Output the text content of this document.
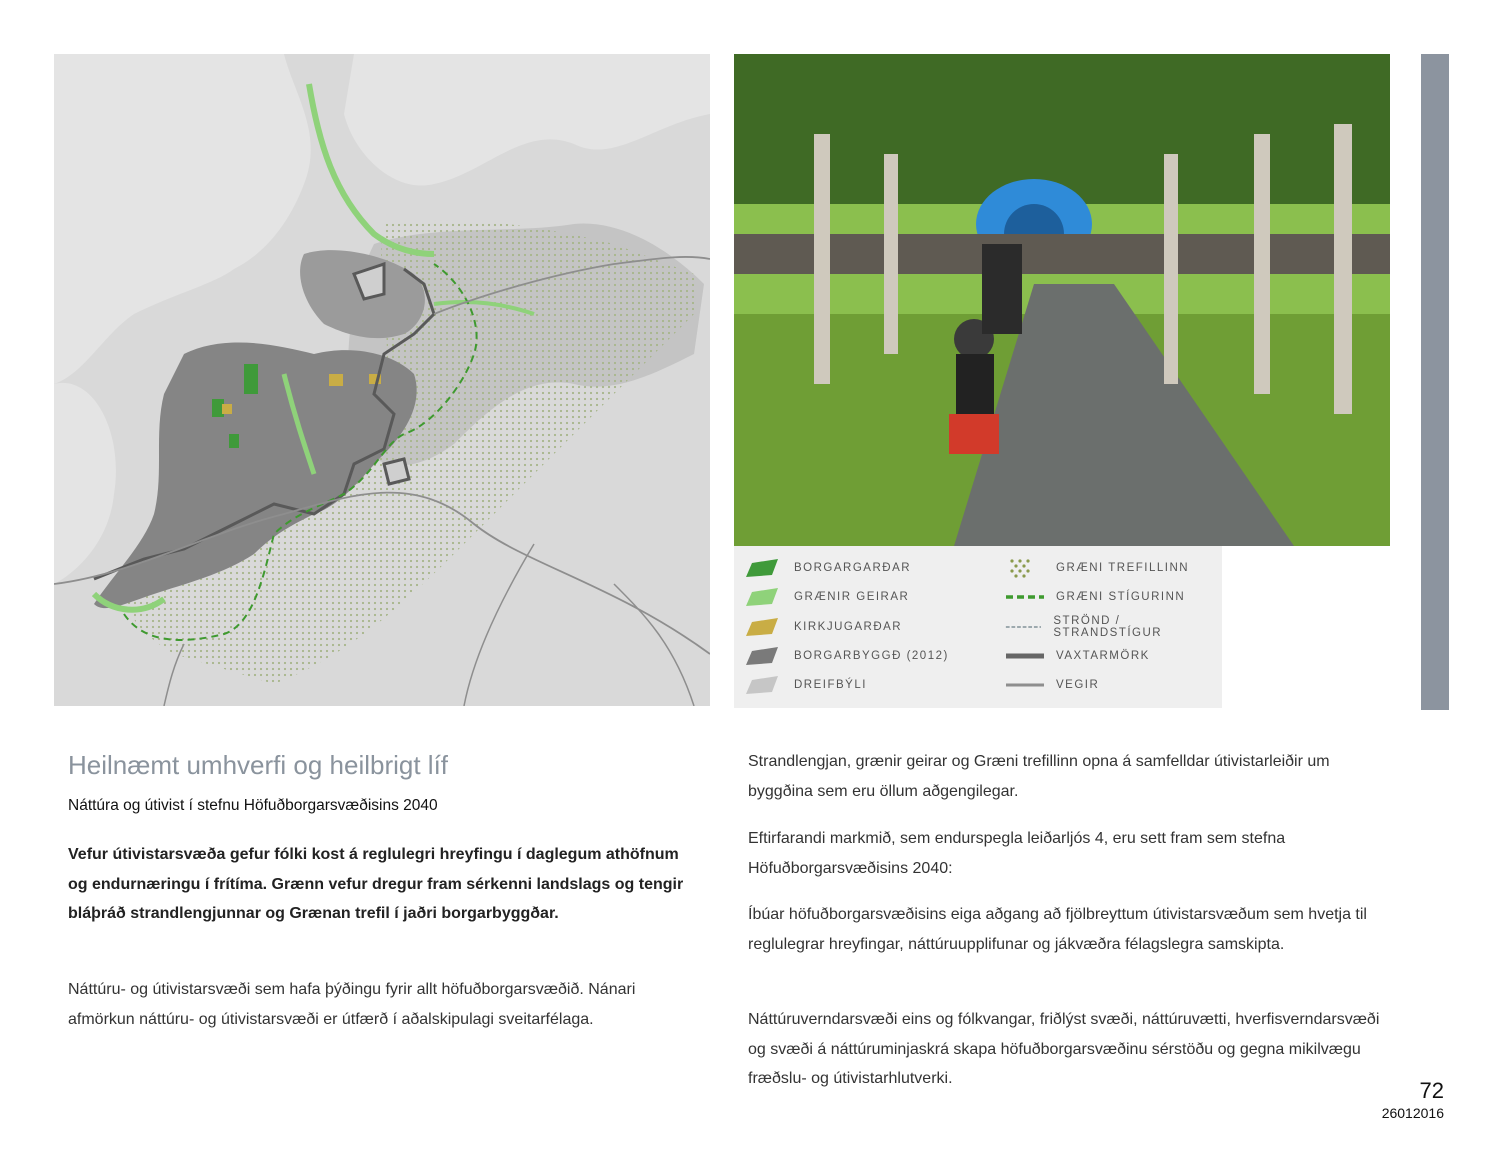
BORGARGARÐAR
GRÆNIR GEIRAR
KIRKJUGARÐAR
BORGARBYGGÐ (2012)
DREIFBÝLI
GRÆNI TREFILLINN
GRÆNI STÍGURINN
STRÖND / STRANDSTÍGUR
VAXTARMÖRK
VEGIR
Heilnæmt umhverfi og heilbrigt líf
Náttúra og útivist í stefnu Höfuðborgarsvæðisins 2040
Vefur útivistarsvæða gefur fólki kost á reglulegri hreyfingu í daglegum athöfnum og endurnæringu í frítíma. Grænn vefur dregur fram sérkenni landslags og tengir bláþráð strandlengjunnar og Grænan trefil í jaðri borgarbyggðar.
Náttúru- og útivistarsvæði sem hafa þýðingu fyrir allt höfuðborgarsvæðið. Nánari afmörkun náttúru- og útivistarsvæði er útfærð í aðalskipulagi sveitarfélaga.
Strandlengjan, grænir geirar og Græni trefillinn opna á samfelldar útivistarleiðir um byggðina sem eru öllum aðgengilegar.
Eftirfarandi markmið, sem endurspegla leiðarljós 4, eru sett fram sem stefna Höfuðborgarsvæðisins 2040:
Íbúar höfuðborgarsvæðisins eiga aðgang að fjölbreyttum útivistarsvæðum sem hvetja til reglulegrar hreyfingar, náttúruupplifunar og jákvæðra félagslegra samskipta.
Náttúruverndarsvæði eins og fólkvangar, friðlýst svæði, náttúruvætti, hverfisverndarsvæði og svæði á náttúruminjaskrá skapa höfuðborgarsvæðinu sérstöðu og gegna mikilvægu fræðslu- og útivistarhlutverki.	72
26012016
